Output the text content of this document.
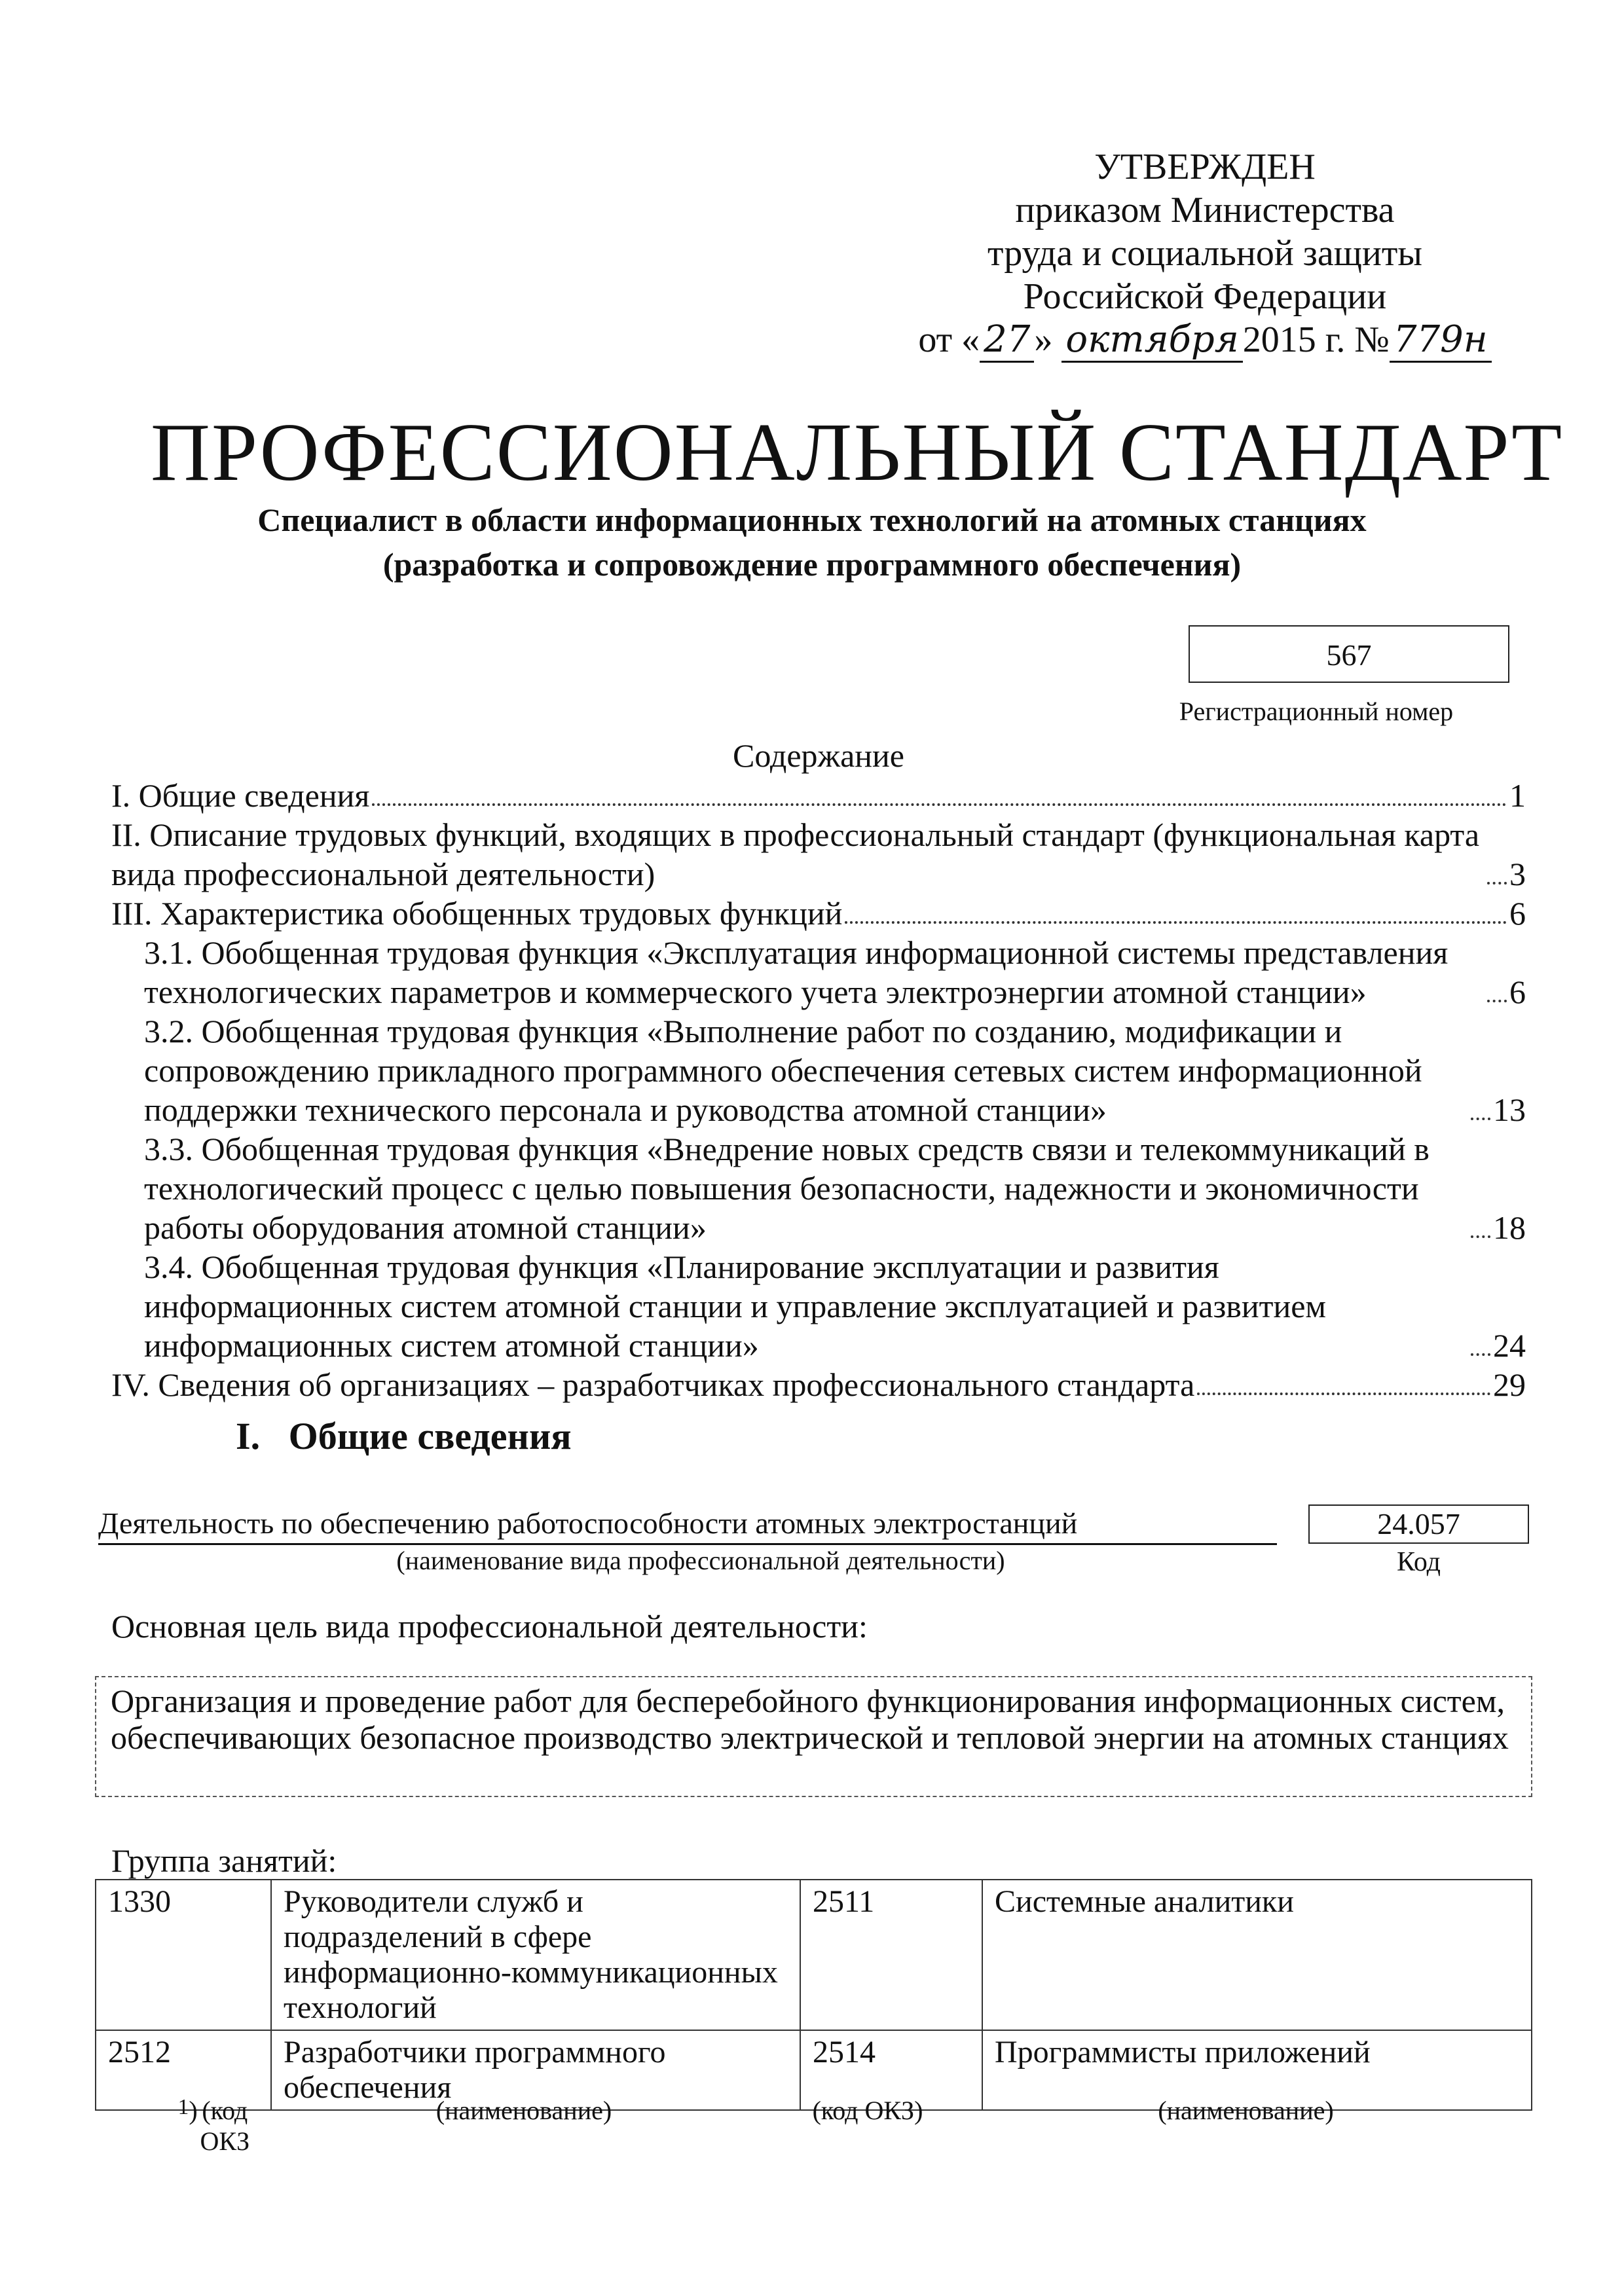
УТВЕРЖДЕН
приказом Министерства
труда и социальной защиты
Российской Федерации
от « 27 » октября 2015 г. № 779н
ПРОФЕССИОНАЛЬНЫЙ СТАНДАРТ
Специалист в области информационных технологий на атомных станциях
(разработка и сопровождение программного обеспечения)
567
Регистрационный номер
Содержание
I. Общие сведения	1
II. Описание трудовых функций, входящих в профессиональный стандарт (функциональная карта вида профессиональной деятельности)	3
III. Характеристика обобщенных трудовых функций	6
3.1. Обобщенная трудовая функция «Эксплуатация информационной системы представления технологических параметров и коммерческого учета электроэнергии атомной станции»	6
3.2. Обобщенная трудовая функция «Выполнение работ по созданию, модификации и сопровождению прикладного программного обеспечения сетевых систем информационной поддержки технического персонала и руководства атомной станции»	13
3.3. Обобщенная трудовая функция «Внедрение новых средств связи и телекоммуникаций в технологический процесс с целью повышения безопасности, надежности и экономичности работы оборудования атомной станции»	18
3.4. Обобщенная трудовая функция «Планирование эксплуатации и развития информационных систем атомной станции и управление эксплуатацией и развитием информационных систем атомной станции»	24
IV. Сведения об организациях – разработчиках профессионального стандарта	29
I. Общие сведения
Деятельность по обеспечению работоспособности атомных электростанций
(наименование вида профессиональной деятельности)
24.057
Код
Основная цель вида профессиональной деятельности:
Организация и проведение работ для бесперебойного функционирования информационных систем, обеспечивающих безопасное производство электрической и тепловой энергии на атомных станциях
Группа занятий:
1330	Руководители служб и подразделений в сфере информационно-коммуникационных технологий	2511	Системные аналитики
2512	Разработчики программного обеспечения	2514	Программисты приложений
(код ОКЗ
$^1$ )	(наименование)	(код ОКЗ)	(наименование)
